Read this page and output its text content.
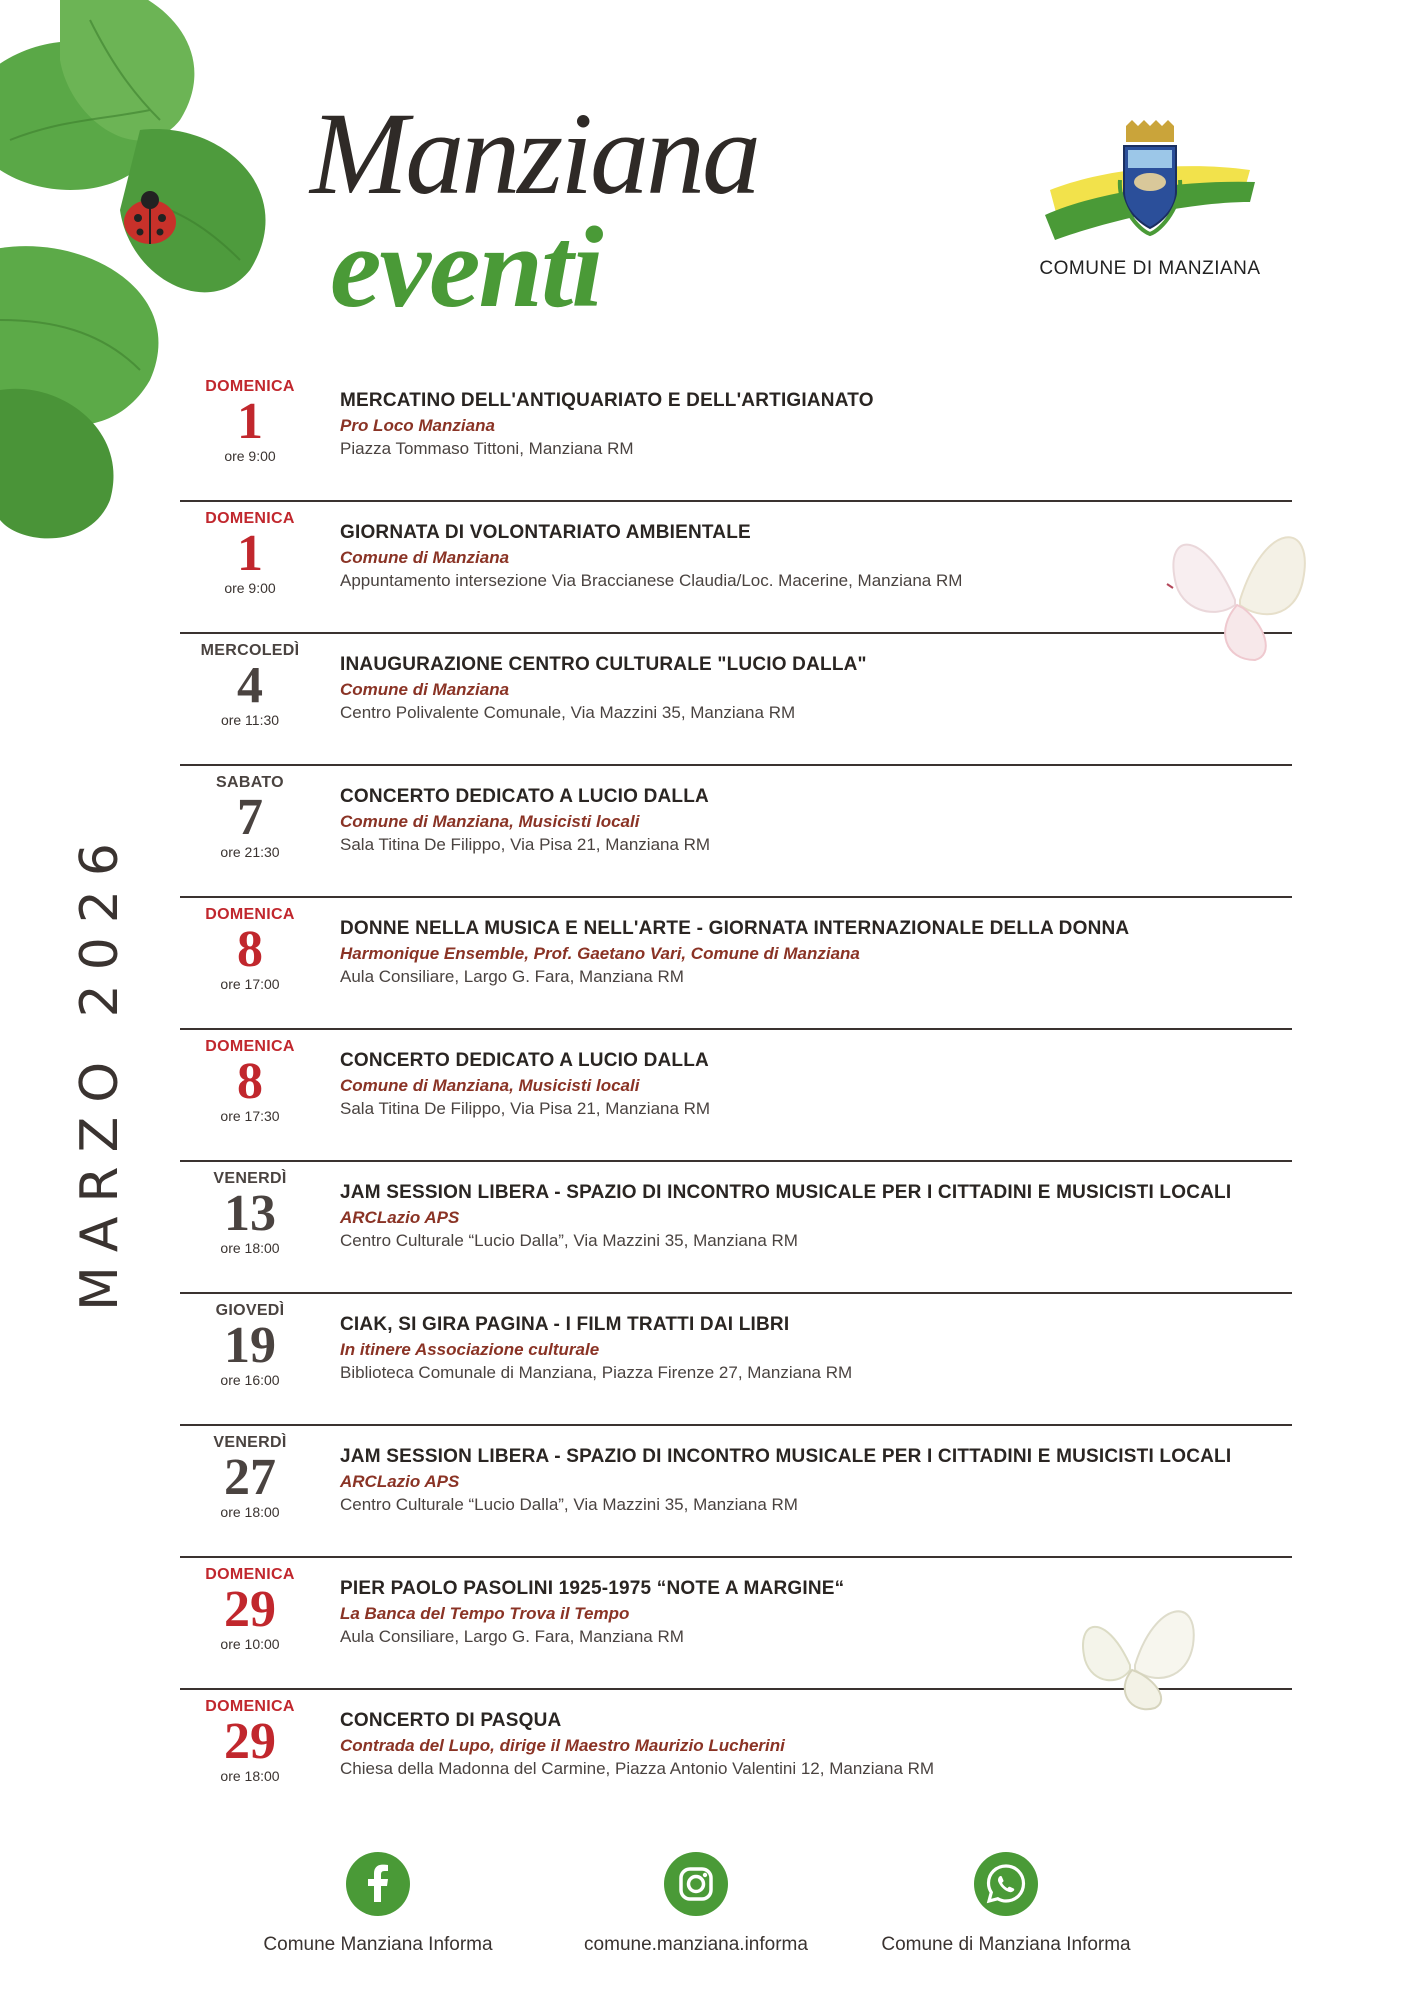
Manziana
eventi	COMUNE DI MANZIANA
MARZO 2026
DOMENICA
1
ore 9:00
MERCATINO DELL'ANTIQUARIATO E DELL'ARTIGIANATO
Pro Loco Manziana
Piazza Tommaso Tittoni, Manziana RM
DOMENICA
1
ore 9:00
GIORNATA DI VOLONTARIATO AMBIENTALE
Comune di Manziana
Appuntamento intersezione Via Braccianese Claudia/Loc. Macerine, Manziana RM
MERCOLEDÌ
4
ore 11:30
INAUGURAZIONE CENTRO CULTURALE "LUCIO DALLA"
Comune di Manziana
Centro Polivalente Comunale, Via Mazzini 35, Manziana RM
SABATO
7
ore 21:30
CONCERTO DEDICATO A LUCIO DALLA
Comune di Manziana, Musicisti locali
Sala Titina De Filippo, Via Pisa 21, Manziana RM
DOMENICA
8
ore 17:00
DONNE NELLA MUSICA E NELL'ARTE - GIORNATA INTERNAZIONALE DELLA DONNA
Harmonique Ensemble, Prof. Gaetano Vari, Comune di Manziana
Aula Consiliare, Largo G. Fara, Manziana RM
DOMENICA
8
ore 17:30
CONCERTO DEDICATO A LUCIO DALLA
Comune di Manziana, Musicisti locali
Sala Titina De Filippo, Via Pisa 21, Manziana RM
VENERDÌ
13
ore 18:00
JAM SESSION LIBERA - SPAZIO DI INCONTRO MUSICALE PER I CITTADINI E MUSICISTI LOCALI
ARCLazio APS
Centro Culturale “Lucio Dalla”, Via Mazzini 35, Manziana RM
GIOVEDÌ
19
ore 16:00
CIAK, SI GIRA PAGINA - I FILM TRATTI DAI LIBRI
In itinere Associazione culturale
Biblioteca Comunale di Manziana, Piazza Firenze 27, Manziana RM
VENERDÌ
27
ore 18:00
JAM SESSION LIBERA - SPAZIO DI INCONTRO MUSICALE PER I CITTADINI E MUSICISTI LOCALI
ARCLazio APS
Centro Culturale “Lucio Dalla”, Via Mazzini 35, Manziana RM
DOMENICA
29
ore 10:00
PIER PAOLO PASOLINI 1925-1975 “NOTE A MARGINE“
La Banca del Tempo Trova il Tempo
Aula Consiliare, Largo G. Fara, Manziana RM
DOMENICA
29
ore 18:00
CONCERTO DI PASQUA
Contrada del Lupo, dirige il Maestro Maurizio Lucherini
Chiesa della Madonna del Carmine, Piazza Antonio Valentini 12, Manziana RM
Comune Manziana Informa	comune.manziana.informa	Comune di Manziana Informa
